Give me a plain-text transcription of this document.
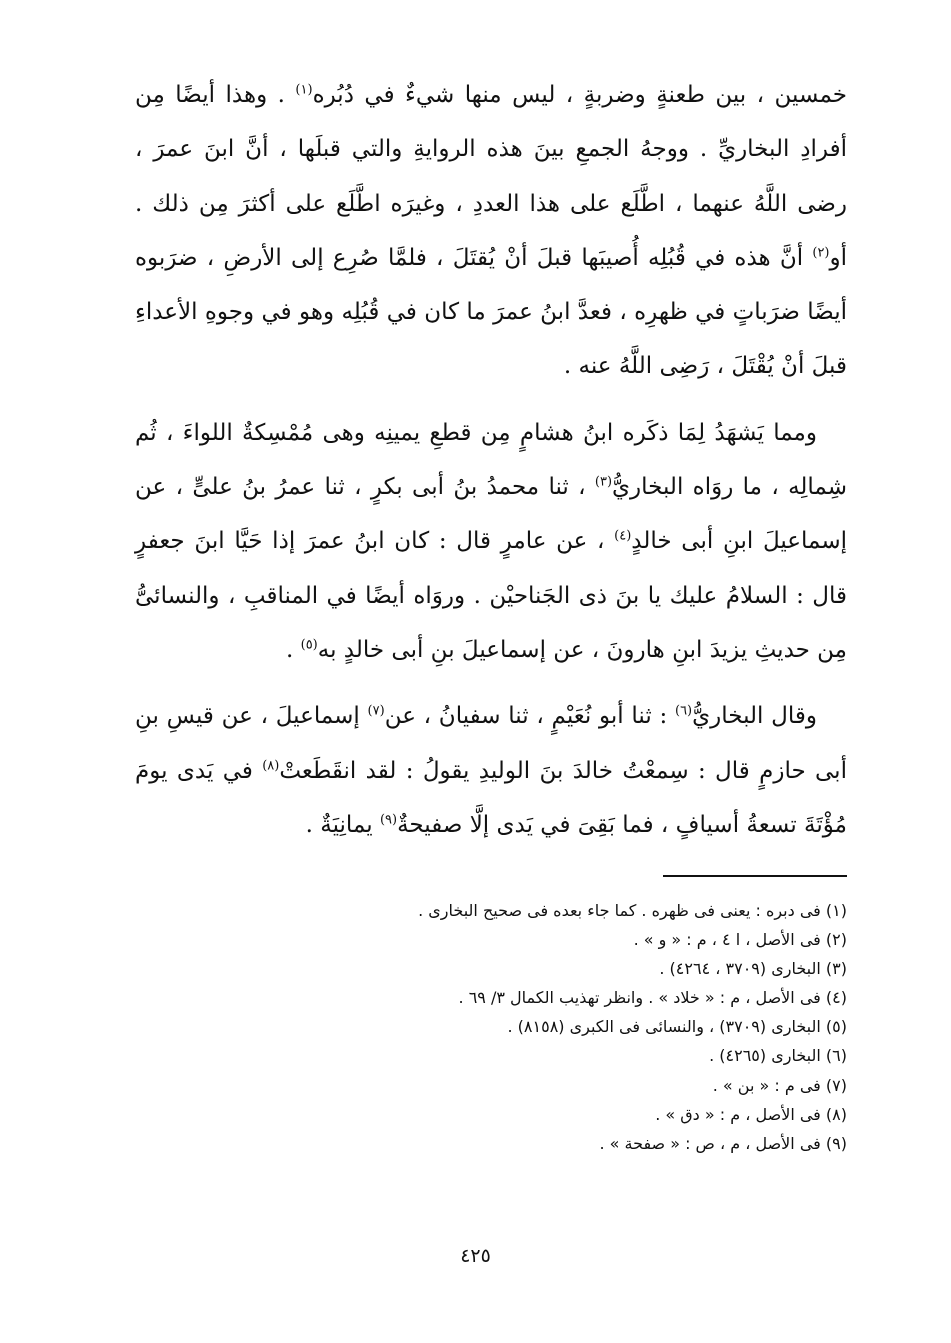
خمسين ، بين طعنةٍ وضربةٍ ، ليس منها شيءٌ في دُبُره$^{(١)}$ . وهذا أيضًا مِن أفرادِ البخاريِّ . ووجهُ الجمعِ بينَ هذه الروايةِ والتي قبلَها ، أنَّ ابنَ عمرَ ، رضى اللَّهُ عنهما ، اطَّلَع على هذا العددِ ، وغيرَه اطَّلَع على أكثرَ مِن ذلك . أو$^{(٢)}$ أنَّ هذه في قُبُلِه أُصيبَها قبلَ أنْ يُقتَلَ ، فلمَّا صُرِع إلى الأرضِ ، ضرَبوه أيضًا ضرَباتٍ في ظهرِه ، فعدَّ ابنُ عمرَ ما كان في قُبُلِه وهو في وجوهِ الأعداءِ قبلَ أنْ يُقْتَلَ ، رَضِى اللَّهُ عنه .

ومما يَشهَدُ لِمَا ذكَره ابنُ هشامٍ مِن قطعِ يمينِه وهى مُمْسِكةٌ اللواءَ ، ثُم شِمالِه ، ما روَاه البخاريُّ$^{(٣)}$ ، ثنا محمدُ بنُ أبى بكرٍ ، ثنا عمرُ بنُ علىٍّ ، عن إسماعيلَ ابنِ أبى خالدٍ$^{(٤)}$ ، عن عامرٍ قال : كان ابنُ عمرَ إذا حَيَّا ابنَ جعفرٍ قال : السلامُ عليك يا بنَ ذى الجَناحيْن . وروَاه أيضًا في المناقبِ ، والنسائىُّ مِن حديثِ يزيدَ ابنِ هارونَ ، عن إسماعيلَ بنِ أبى خالدٍ به$^{(٥)}$ .

وقال البخاريُّ$^{(٦)}$ : ثنا أبو نُعَيْمٍ ، ثنا سفيانُ ، عن$^{(٧)}$ إسماعيلَ ، عن قيسِ بنِ أبى حازمٍ قال : سِمعْتُ خالدَ بنَ الوليدِ يقولُ : لقد انقَطَعتْ$^{(٨)}$ في يَدى يومَ مُؤْتَةَ تسعةُ أسيافٍ ، فما بَقِىَ في يَدى إلَّا صفيحةٌ$^{(٩)}$ يمانِيَةٌ .

(١) فى دبره : يعنى فى ظهره . كما جاء بعده فى صحيح البخارى .
(٢) فى الأصل ، ا ٤ ، م : « و » .
(٣) البخارى (٣٧٠٩ ، ٤٢٦٤) .
(٤) فى الأصل ، م : « خلاد » . وانظر تهذيب الكمال ٣/ ٦٩ .
(٥) البخارى (٣٧٠٩) ، والنسائى فى الكبرى (٨١٥٨) .
(٦) البخارى (٤٢٦٥) .
(٧) فى م : « بن » .
(٨) فى الأصل ، م : « دق » .
(٩) فى الأصل ، م ، ص : « صفحة » .
٤٢٥
